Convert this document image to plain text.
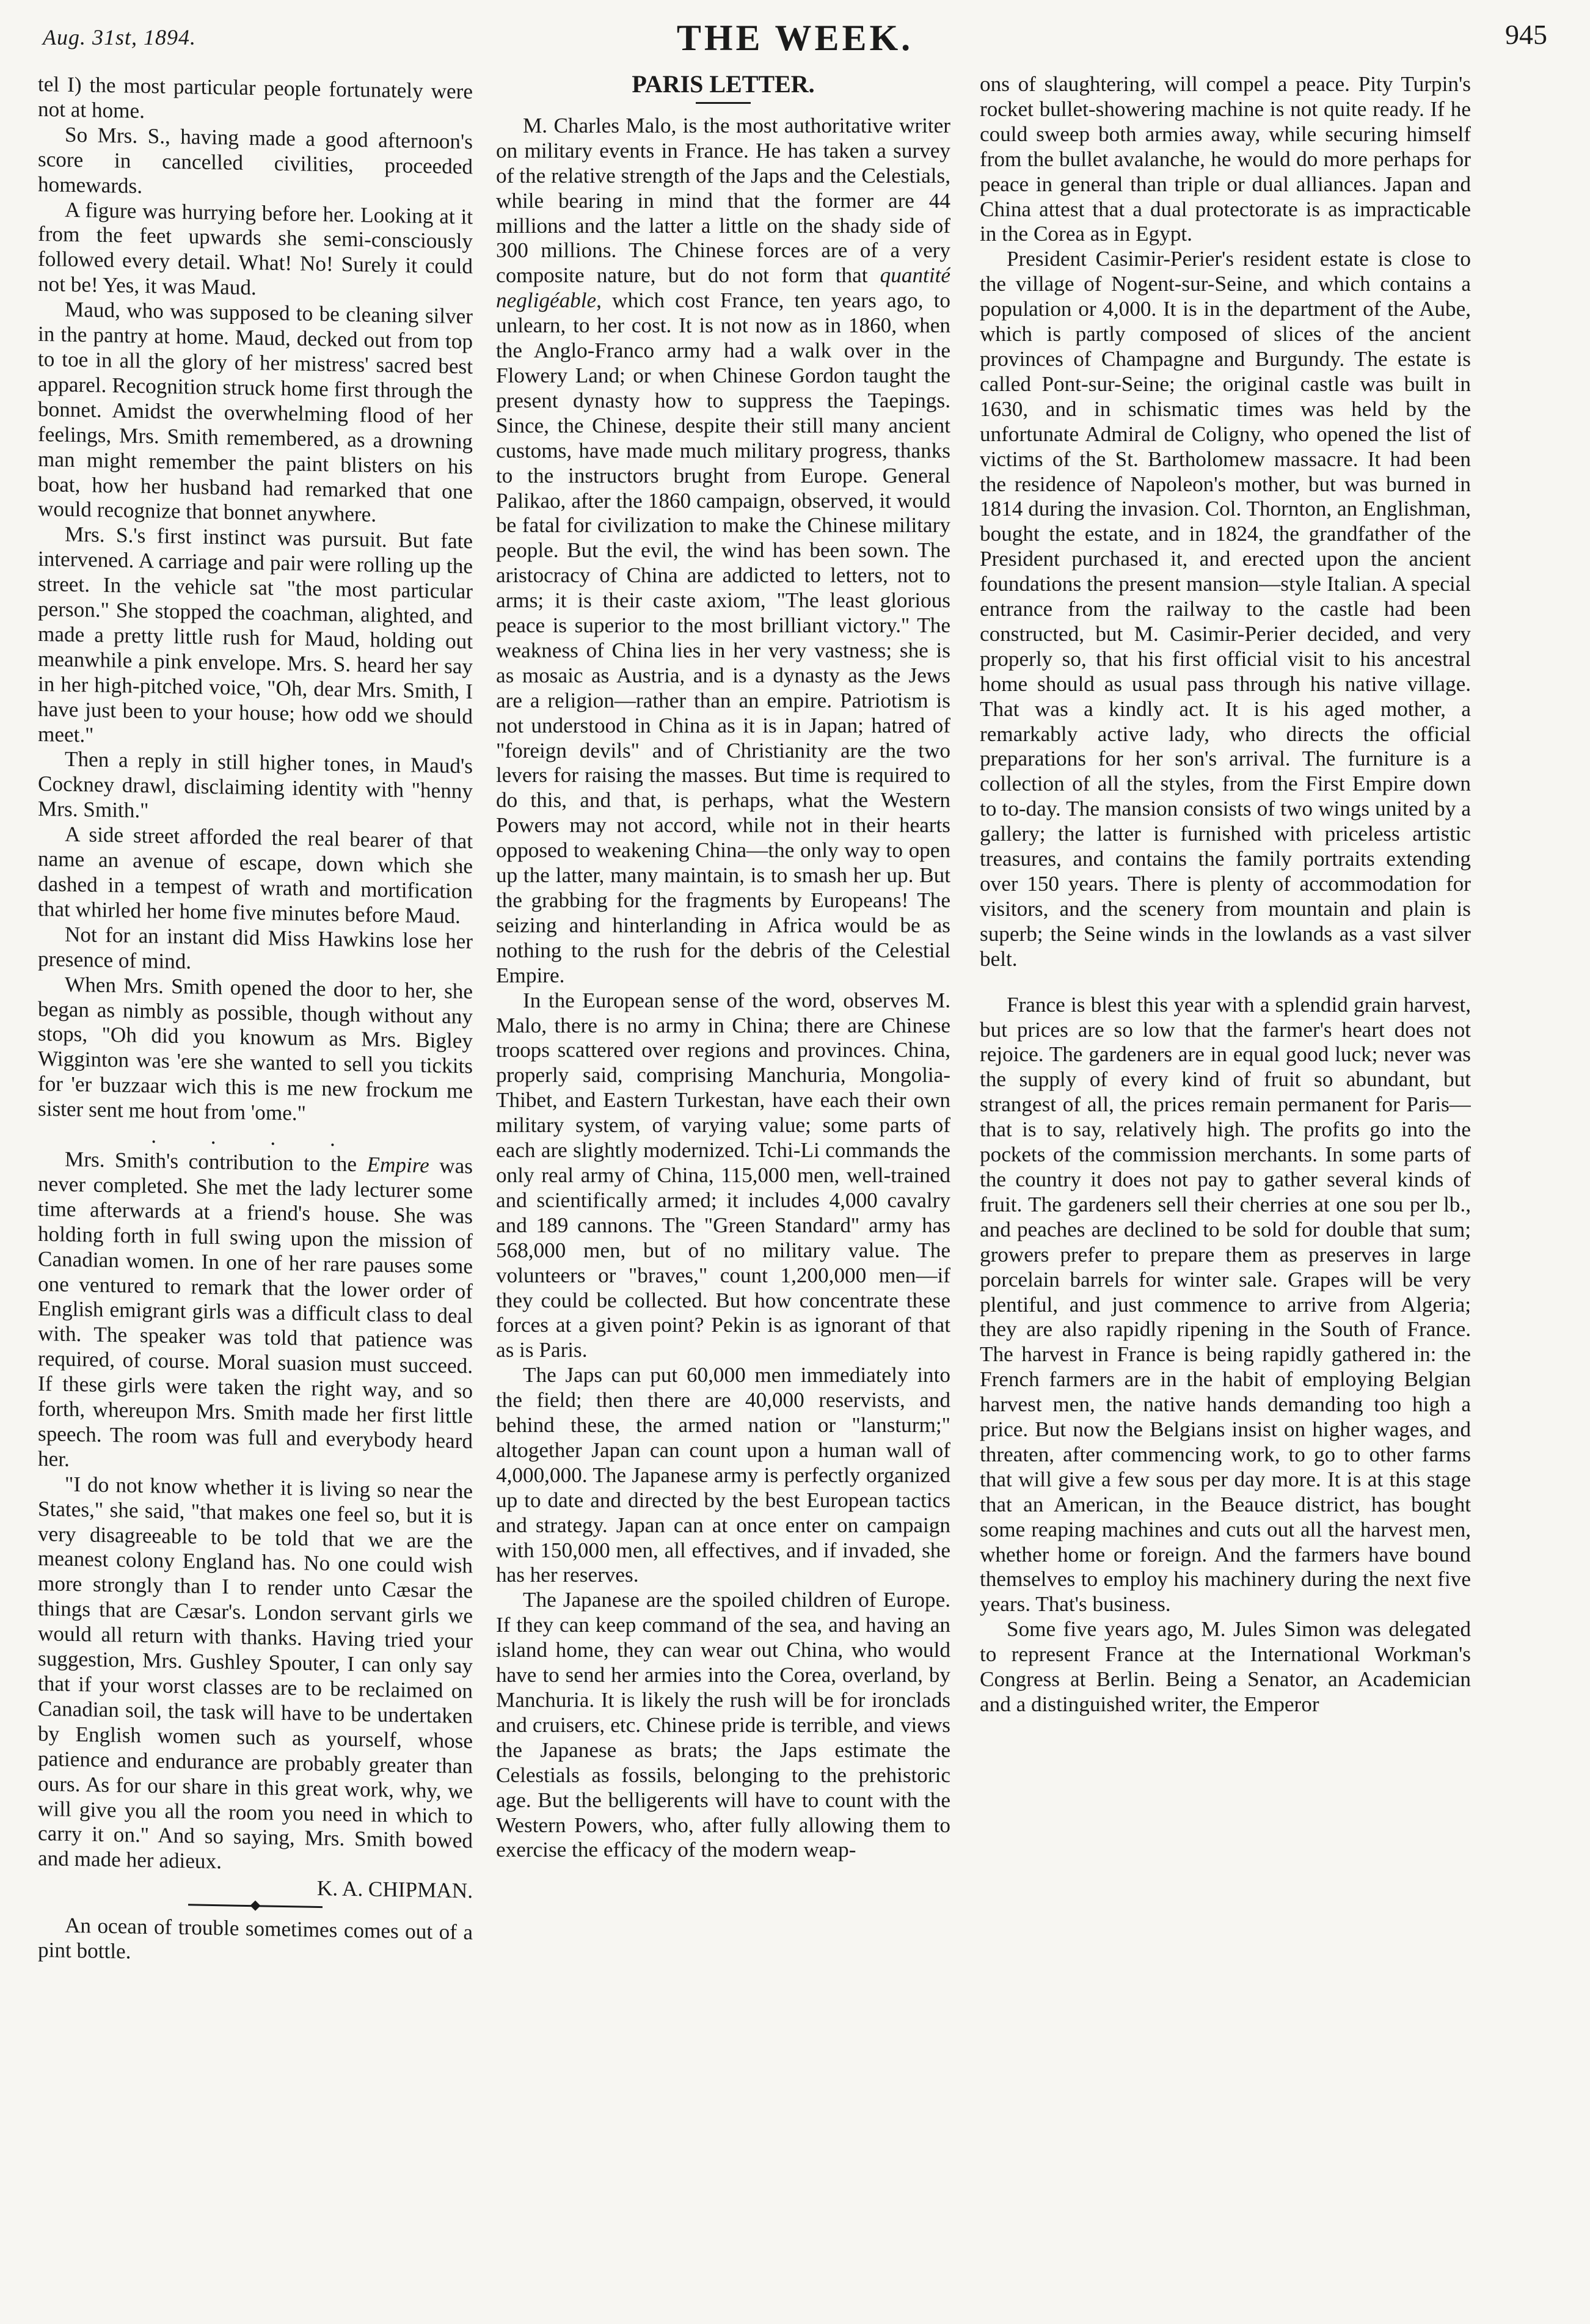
Aug. 31st, 1894.	THE WEEK.	945

tel I) the most particular people fortunately were not at home.

So Mrs. S., having made a good afternoon's score in cancelled civilities, proceeded homewards.

A figure was hurrying before her. Looking at it from the feet upwards she semi-consciously followed every detail. What! No! Surely it could not be! Yes, it was Maud.

Maud, who was supposed to be cleaning silver in the pantry at home. Maud, decked out from top to toe in all the glory of her mistress' sacred best apparel. Recognition struck home first through the bonnet. Amidst the overwhelming flood of her feelings, Mrs. Smith remembered, as a drowning man might remember the paint blisters on his boat, how her husband had remarked that one would recognize that bonnet anywhere.

Mrs. S.'s first instinct was pursuit. But fate intervened. A carriage and pair were rolling up the street. In the vehicle sat "the most particular person." She stopped the coachman, alighted, and made a pretty little rush for Maud, holding out meanwhile a pink envelope. Mrs. S. heard her say in her high-pitched voice, "Oh, dear Mrs. Smith, I have just been to your house; how odd we should meet."

Then a reply in still higher tones, in Maud's Cockney drawl, disclaiming identity with "henny Mrs. Smith."

A side street afforded the real bearer of that name an avenue of escape, down which she dashed in a tempest of wrath and mortification that whirled her home five minutes before Maud.

Not for an instant did Miss Hawkins lose her presence of mind.

When Mrs. Smith opened the door to her, she began as nimbly as possible, though without any stops, "Oh did you knowum as Mrs. Bigley Wigginton was 'ere she wanted to sell you tickits for 'er buzzaar wich this is me new frockum me sister sent me hout from 'ome."

. . . .

Mrs. Smith's contribution to the Empire was never completed. She met the lady lecturer some time afterwards at a friend's house. She was holding forth in full swing upon the mission of Canadian women. In one of her rare pauses some one ventured to remark that the lower order of English emigrant girls was a difficult class to deal with. The speaker was told that patience was required, of course. Moral suasion must succeed. If these girls were taken the right way, and so forth, whereupon Mrs. Smith made her first little speech. The room was full and everybody heard her.

"I do not know whether it is living so near the States," she said, "that makes one feel so, but it is very disagreeable to be told that we are the meanest colony England has. No one could wish more strongly than I to render unto Cæsar the things that are Cæsar's. London servant girls we would all return with thanks. Having tried your suggestion, Mrs. Gushley Spouter, I can only say that if your worst classes are to be reclaimed on Canadian soil, the task will have to be undertaken by English women such as yourself, whose patience and endurance are probably greater than ours. As for our share in this great work, why, we will give you all the room you need in which to carry it on." And so saying, Mrs. Smith bowed and made her adieux.

K. A. CHIPMAN.

An ocean of trouble sometimes comes out of a pint bottle.

PARIS LETTER.

M. Charles Malo, is the most authoritative writer on military events in France. He has taken a survey of the relative strength of the Japs and the Celestials, while bearing in mind that the former are 44 millions and the latter a little on the shady side of 300 millions. The Chinese forces are of a very composite nature, but do not form that quantité negligéable, which cost France, ten years ago, to unlearn, to her cost. It is not now as in 1860, when the Anglo-Franco army had a walk over in the Flowery Land; or when Chinese Gordon taught the present dynasty how to suppress the Taepings. Since, the Chinese, despite their still many ancient customs, have made much military progress, thanks to the instructors brught from Europe. General Palikao, after the 1860 campaign, observed, it would be fatal for civilization to make the Chinese military people. But the evil, the wind has been sown. The aristocracy of China are addicted to letters, not to arms; it is their caste axiom, "The least glorious peace is superior to the most brilliant victory." The weakness of China lies in her very vastness; she is as mosaic as Austria, and is a dynasty as the Jews are a religion—rather than an empire. Patriotism is not understood in China as it is in Japan; hatred of "foreign devils" and of Christianity are the two levers for raising the masses. But time is required to do this, and that, is perhaps, what the Western Powers may not accord, while not in their hearts opposed to weakening China—the only way to open up the latter, many maintain, is to smash her up. But the grabbing for the fragments by Europeans! The seizing and hinterlanding in Africa would be as nothing to the rush for the debris of the Celestial Empire.

In the European sense of the word, observes M. Malo, there is no army in China; there are Chinese troops scattered over regions and provinces. China, properly said, comprising Manchuria, Mongolia-Thibet, and Eastern Turkestan, have each their own military system, of varying value; some parts of each are slightly modernized. Tchi-Li commands the only real army of China, 115,000 men, well-trained and scientifically armed; it includes 4,000 cavalry and 189 cannons. The "Green Standard" army has 568,000 men, but of no military value. The volunteers or "braves," count 1,200,000 men—if they could be collected. But how concentrate these forces at a given point? Pekin is as ignorant of that as is Paris.

The Japs can put 60,000 men immediately into the field; then there are 40,000 reservists, and behind these, the armed nation or "lansturm;" altogether Japan can count upon a human wall of 4,000,000. The Japanese army is perfectly organized up to date and directed by the best European tactics and strategy. Japan can at once enter on campaign with 150,000 men, all effectives, and if invaded, she has her reserves.

The Japanese are the spoiled children of Europe. If they can keep command of the sea, and having an island home, they can wear out China, who would have to send her armies into the Corea, overland, by Manchuria. It is likely the rush will be for ironclads and cruisers, etc. Chinese pride is terrible, and views the Japanese as brats; the Japs estimate the Celestials as fossils, belonging to the prehistoric age. But the belligerents will have to count with the Western Powers, who, after fully allowing them to exercise the efficacy of the modern weap-

ons of slaughtering, will compel a peace. Pity Turpin's rocket bullet-showering machine is not quite ready. If he could sweep both armies away, while securing himself from the bullet avalanche, he would do more perhaps for peace in general than triple or dual alliances. Japan and China attest that a dual protectorate is as impracticable in the Corea as in Egypt.

President Casimir-Perier's resident estate is close to the village of Nogent-sur-Seine, and which contains a population or 4,000. It is in the department of the Aube, which is partly composed of slices of the ancient provinces of Champagne and Burgundy. The estate is called Pont-sur-Seine; the original castle was built in 1630, and in schismatic times was held by the unfortunate Admiral de Coligny, who opened the list of victims of the St. Bartholomew massacre. It had been the residence of Napoleon's mother, but was burned in 1814 during the invasion. Col. Thornton, an Englishman, bought the estate, and in 1824, the grandfather of the President purchased it, and erected upon the ancient foundations the present mansion—style Italian. A special entrance from the railway to the castle had been constructed, but M. Casimir-Perier decided, and very properly so, that his first official visit to his ancestral home should as usual pass through his native village. That was a kindly act. It is his aged mother, a remarkably active lady, who directs the official preparations for her son's arrival. The furniture is a collection of all the styles, from the First Empire down to to-day. The mansion consists of two wings united by a gallery; the latter is furnished with priceless artistic treasures, and contains the family portraits extending over 150 years. There is plenty of accommodation for visitors, and the scenery from mountain and plain is superb; the Seine winds in the lowlands as a vast silver belt.

France is blest this year with a splendid grain harvest, but prices are so low that the farmer's heart does not rejoice. The gardeners are in equal good luck; never was the supply of every kind of fruit so abundant, but strangest of all, the prices remain permanent for Paris—that is to say, relatively high. The profits go into the pockets of the commission merchants. In some parts of the country it does not pay to gather several kinds of fruit. The gardeners sell their cherries at one sou per lb., and peaches are declined to be sold for double that sum; growers prefer to prepare them as preserves in large porcelain barrels for winter sale. Grapes will be very plentiful, and just commence to arrive from Algeria; they are also rapidly ripening in the South of France. The harvest in France is being rapidly gathered in: the French farmers are in the habit of employing Belgian harvest men, the native hands demanding too high a price. But now the Belgians insist on higher wages, and threaten, after commencing work, to go to other farms that will give a few sous per day more. It is at this stage that an American, in the Beauce district, has bought some reaping machines and cuts out all the harvest men, whether home or foreign. And the farmers have bound themselves to employ his machinery during the next five years. That's business.

Some five years ago, M. Jules Simon was delegated to represent France at the International Workman's Congress at Berlin. Being a Senator, an Academician and a distinguished writer, the Emperor
